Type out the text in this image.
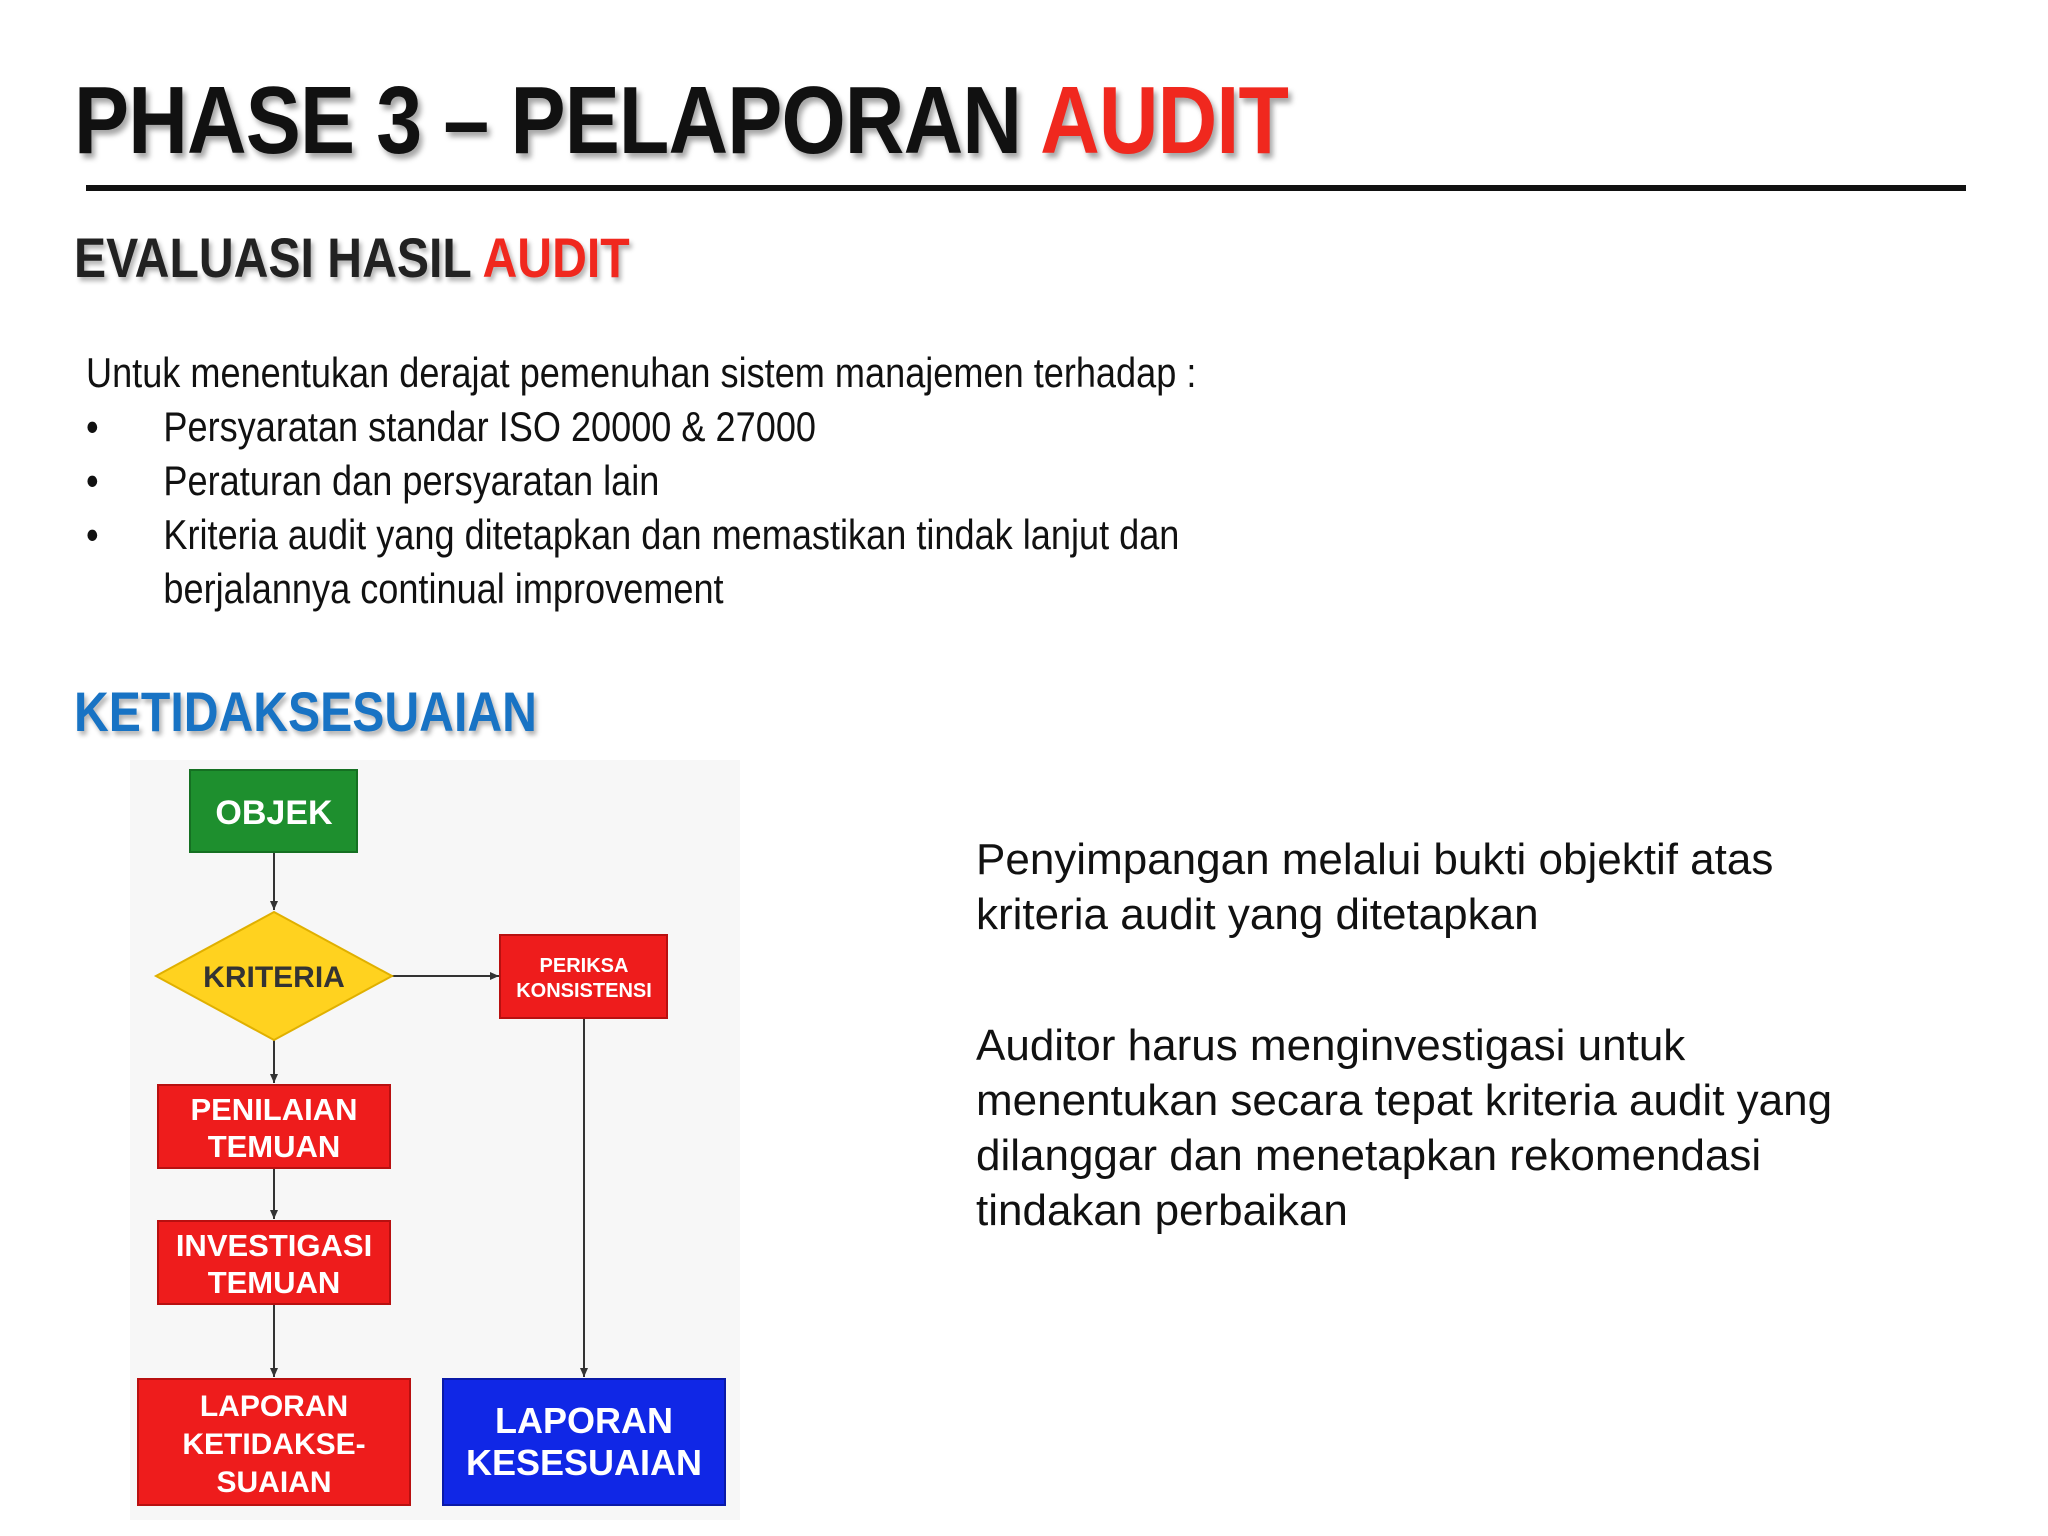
PHASE 3 – PELAPORAN AUDIT
EVALUASI HASIL AUDIT
Untuk menentukan derajat pemenuhan sistem manajemen terhadap :
• Persyaratan standar ISO 20000 & 27000
• Peraturan dan persyaratan lain
• Kriteria audit yang ditetapkan dan memastikan tindak lanjut dan berjalannya continual improvement
KETIDAKSESUAIAN
OBJEK
KRITERIA	PERIKSA
KONSISTENSI
PENILAIAN
TEMUAN
INVESTIGASI
TEMUAN
LAPORAN
KETIDAKSE-
SUAIAN
LAPORAN
KESESUAIAN
Penyimpangan melalui bukti objektif atas kriteria audit yang ditetapkan
Auditor harus menginvestigasi untuk menentukan secara tepat kriteria audit yang dilanggar dan menetapkan rekomendasi tindakan perbaikan
